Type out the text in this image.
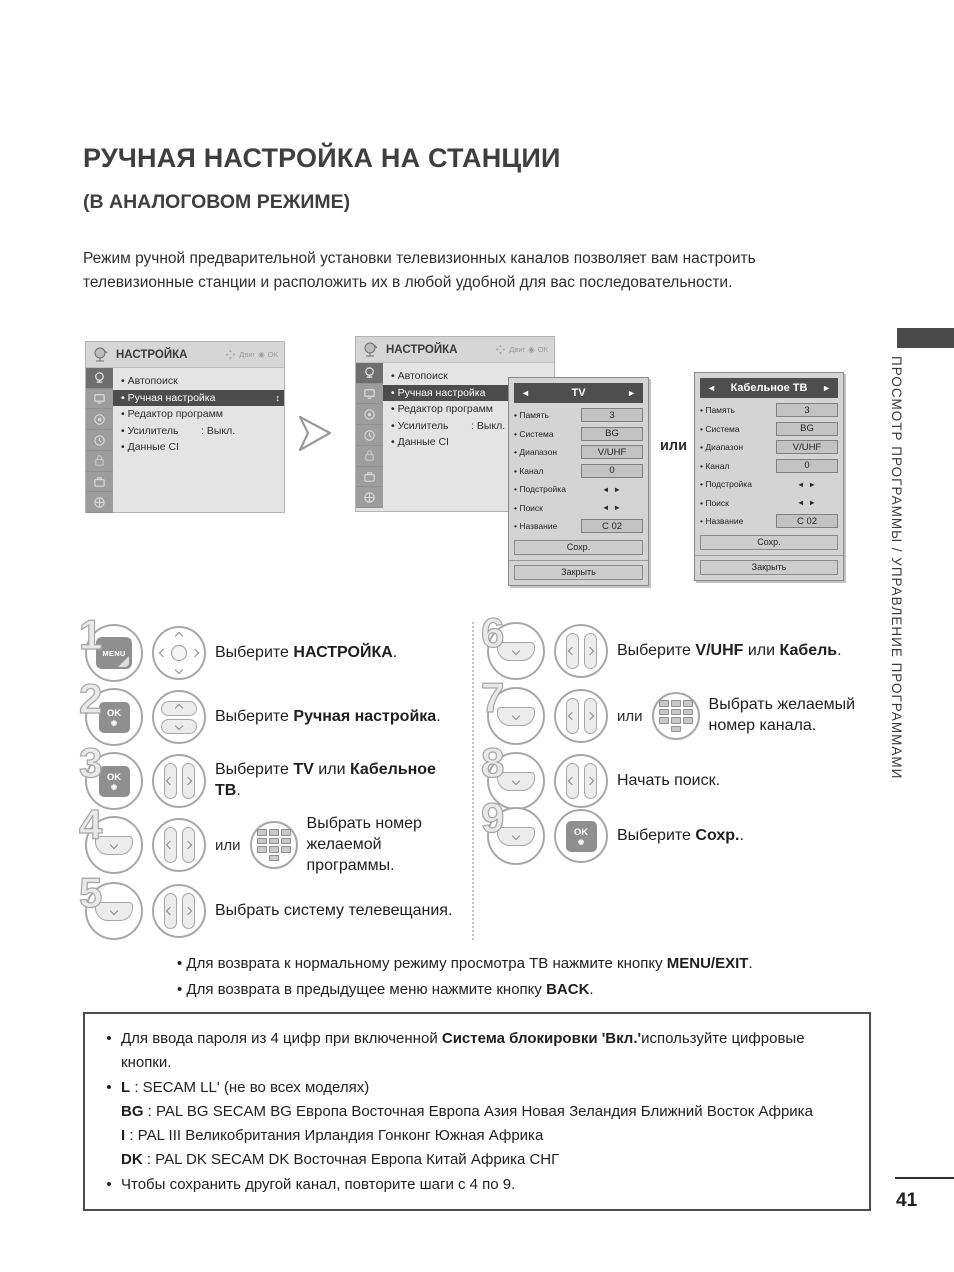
РУЧНАЯ НАСТРОЙКА НА СТАНЦИИ
(В АНАЛОГОВОМ РЕЖИМЕ)

Режим ручной предварительной установки телевизионных каналов позволяет вам настроить телевизионные станции и расположить их в любой удобной для вас последовательности.

НАСТРОЙКА	Двиг ◉ ОК
• Автопоиск
• Ручная настройка	↕
• Редактор программ
• Усилитель : Выкл.
• Данные CI
НАСТРОЙКА	Двиг ◉ ОК
• Автопоиск
• Ручная настройка
• Редактор программ
• Усилитель : Выкл.
• Данные CI
◄	TV	►
• Память	3
• Система	BG
• Диапазон	V/UHF
• Канал	0
• Подстройка	◄ ►
• Поиск	◄ ►
• Название	C 02
Сохр.
Закрыть
или
◄	Кабельное ТВ	►
• Память	3
• Система	BG
• Диапазон	V/UHF
• Канал	0
• Подстройка	◄ ►
• Поиск	◄ ►
• Название	C 02
Сохр.
Закрыть
1 MENU	Выберите НАСТРОЙКА.
2 OK
◉	Выберите Ручная настройка.
3 OK
◉
Выберите TV или Кабельное ТВ.
4	или
Выбрать номер желаемой программы.
5	Выбрать систему телевещания.
6	Выберите V/UHF или Кабель.
7	или
Выбрать желаемый номер канала.
8	Начать поиск.
9	OK
◉ Выберите Сохр..
• Для возврата к нормальному режиму просмотра ТВ нажмите кнопку MENU/EXIT.
• Для возврата в предыдущее меню нажмите кнопку BACK.
•
Для ввода пароля из 4 цифр при включенной Система блокировки 'Вкл.'используйте цифровые кнопки.
•
L : SECAM LL' (не во всех моделях)
BG : PAL BG SECAM BG Европа Восточная Европа Азия Новая Зеландия Ближний Восток Африка
I : PAL III Великобритания Ирландия Гонконг Южная Африка
DK : PAL DK SECAM DK Восточная Европа Китай Африка СНГ
•
Чтобы сохранить другой канал, повторите шаги с 4 по 9.
ПРОСМОТР ПРОГРАММЫ / УПРАВЛЕНИЕ ПРОГРАММАМИ
41
